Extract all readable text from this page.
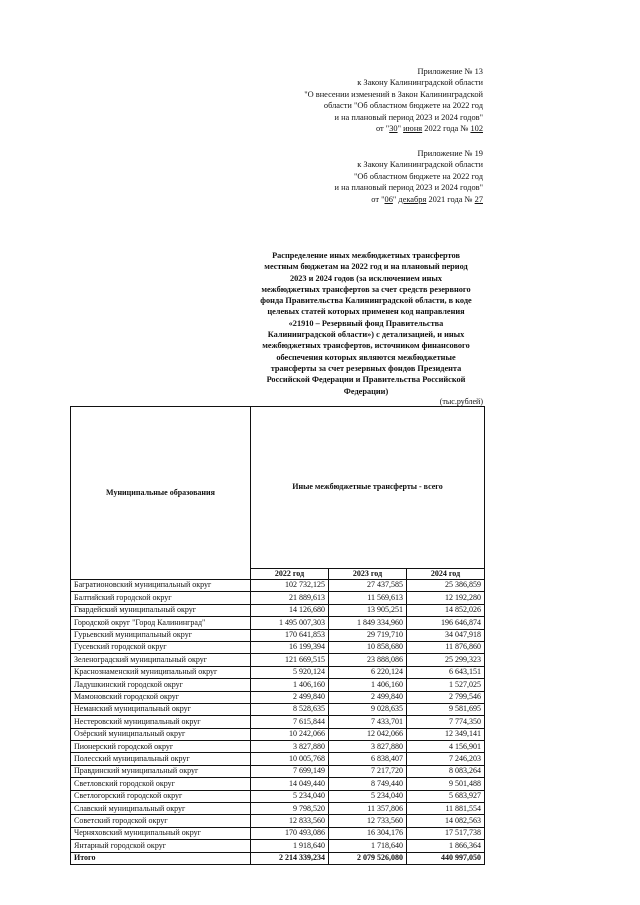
Приложение № 13
к Закону Калининградской области
"О внесении изменений в Закон Калининградской
области "Об областном бюджете на 2022 год
и на плановый период 2023 и 2024 годов"
от "30" июня 2022 года № 102
Приложение № 19
к Закону Калининградской области
"Об областном бюджете на 2022 год
и на плановый период 2023 и 2024 годов"
от "06" декабря 2021 года № 27
Распределение иных межбюджетных трансфертов
местным бюджетам на 2022 год и на плановый период
2023 и 2024 годов (за исключением иных
межбюджетных трансфертов за счет средств резервного
фонда Правительства Калининградской области, в коде
целевых статей которых применен код направления
«21910 – Резервный фонд Правительства
Калининградской области») с детализацией, и иных
межбюджетных трансфертов, источником финансового
обеспечения которых являются межбюджетные
трансферты за счет резервных фондов Президента
Российской Федерации и Правительства Российской
Федерации)
(тыс.рублей)
Муниципальные образования	Иные межбюджетные трансферты - всего		
	2022 год	2023 год	2024 год
Багратионовский муниципальный округ	102 732,125	27 437,585	25 386,859
Балтийский городской округ	21 889,613	11 569,613	12 192,280
Гвардейский муниципальный округ	14 126,680	13 905,251	14 852,026
Городской округ "Город Калининград"	1 495 007,303	1 849 334,960	196 646,874
Гурьевский муниципальный округ	170 641,853	29 719,710	34 047,918
Гусевский городской округ	16 199,394	10 858,680	11 876,860
Зеленоградский муниципальный округ	121 669,515	23 888,086	25 299,323
Краснознаменский муниципальный округ	5 920,124	6 220,124	6 643,151
Ладушкинский городской округ	1 406,160	1 406,160	1 527,025
Мамоновский городской округ	2 499,840	2 499,840	2 799,546
Неманский муниципальный округ	8 528,635	9 028,635	9 581,695
Нестеровский муниципальный округ	7 615,844	7 433,701	7 774,350
Озёрский муниципальный округ	10 242,066	12 042,066	12 349,141
Пионерский городской округ	3 827,880	3 827,880	4 156,901
Полесский муниципальный округ	10 005,768	6 838,407	7 246,203
Правдинский муниципальный округ	7 699,149	7 217,720	8 083,264
Светловский городской округ	14 049,440	8 749,440	9 501,488
Светлогорский городской округ	5 234,040	5 234,040	5 683,927
Славский муниципальный округ	9 798,520	11 357,806	11 881,554
Советский городской округ	12 833,560	12 733,560	14 082,563
Черняховский муниципальный округ	170 493,086	16 304,176	17 517,738
Янтарный городской округ	1 918,640	1 718,640	1 866,364
Итого	2 214 339,234	2 079 526,080	440 997,050
